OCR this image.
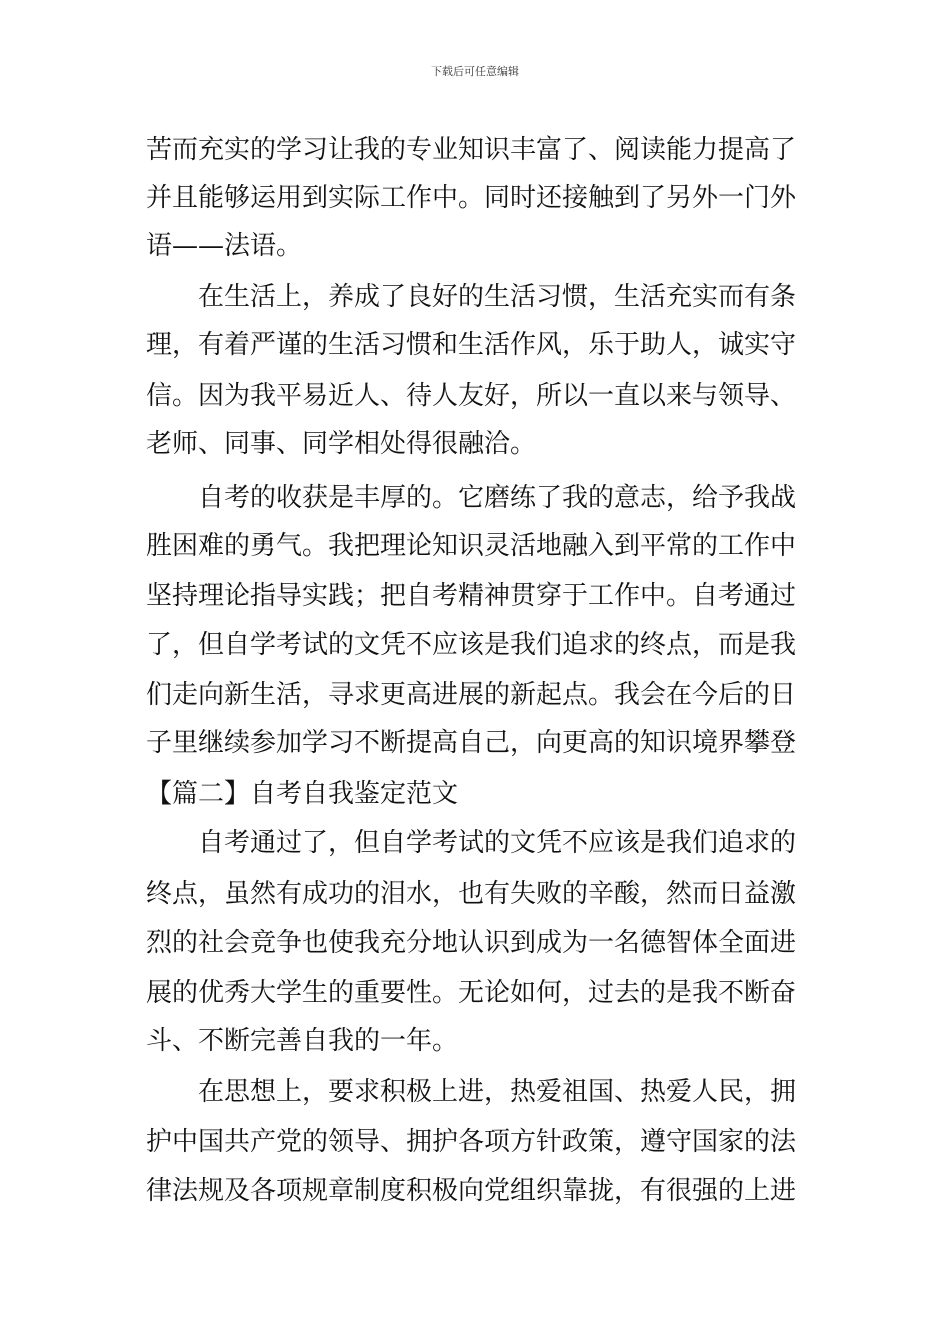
下载后可任意编辑
苦而充实的学习让我的专业知识丰富了、阅读能力提高了
并且能够运用到实际工作中。同时还接触到了另外一门外
语——法语。
　　在生活上，养成了良好的生活习惯，生活充实而有条
理，有着严谨的生活习惯和生活作风，乐于助人，诚实守
信。因为我平易近人、待人友好，所以一直以来与领导、
老师、同事、同学相处得很融洽。
　　自考的收获是丰厚的。它磨练了我的意志，给予我战
胜困难的勇气。我把理论知识灵活地融入到平常的工作中
坚持理论指导实践；把自考精神贯穿于工作中。自考通过
了，但自学考试的文凭不应该是我们追求的终点，而是我
们走向新生活，寻求更高进展的新起点。我会在今后的日
子里继续参加学习不断提高自己，向更高的知识境界攀登
【篇二】自考自我鉴定范文
　　自考通过了，但自学考试的文凭不应该是我们追求的
终点，虽然有成功的泪水，也有失败的辛酸，然而日益激
烈的社会竞争也使我充分地认识到成为一名德智体全面进
展的优秀大学生的重要性。无论如何，过去的是我不断奋
斗、不断完善自我的一年。
　　在思想上，要求积极上进，热爱祖国、热爱人民，拥
护中国共产党的领导、拥护各项方针政策，遵守国家的法
律法规及各项规章制度积极向党组织靠拢，有很强的上进
